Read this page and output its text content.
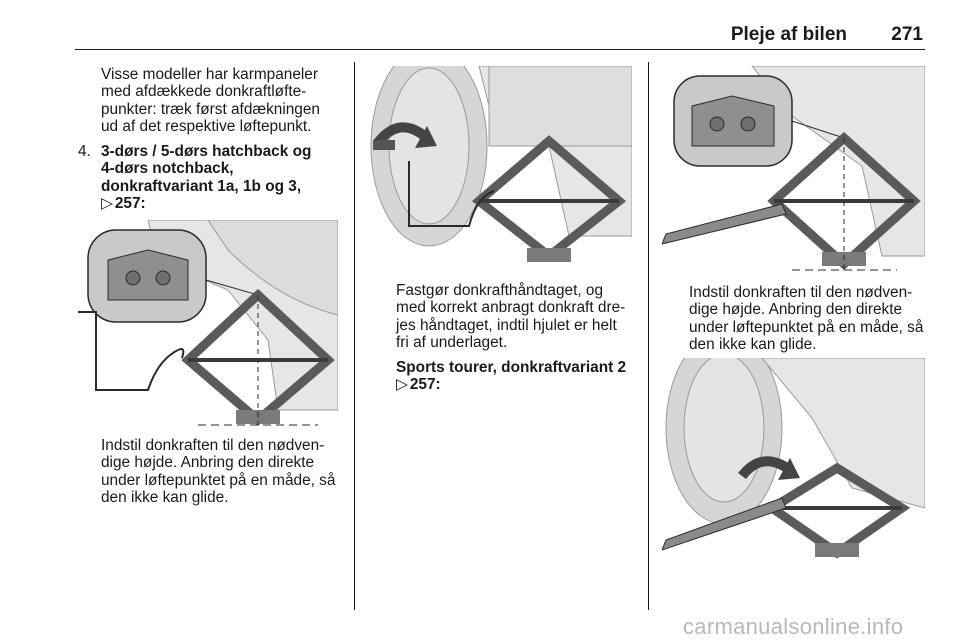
Pleje af bilen 271

Visse modeller har karmpaneler

med afdækkede donkraftløfte-

punkter: træk først afdækningen

ud af det respektive løftepunkt.

4. 3-dørs / 5-dørs hatchback og

4-dørs notchback,

donkraftvariant 1a, 1b og 3,

▷ 257:

Indstil donkraften til den nødven-

dige højde. Anbring den direkte

under løftepunktet på en måde, så

den ikke kan glide.

Fastgør donkrafthåndtaget, og

med korrekt anbragt donkraft dre-

jes håndtaget, indtil hjulet er helt

fri af underlaget.

Sports tourer, donkraftvariant 2

▷ 257:

Indstil donkraften til den nødven-

dige højde. Anbring den direkte

under løftepunktet på en måde, så

den ikke kan glide.

carmanualsonline.info
